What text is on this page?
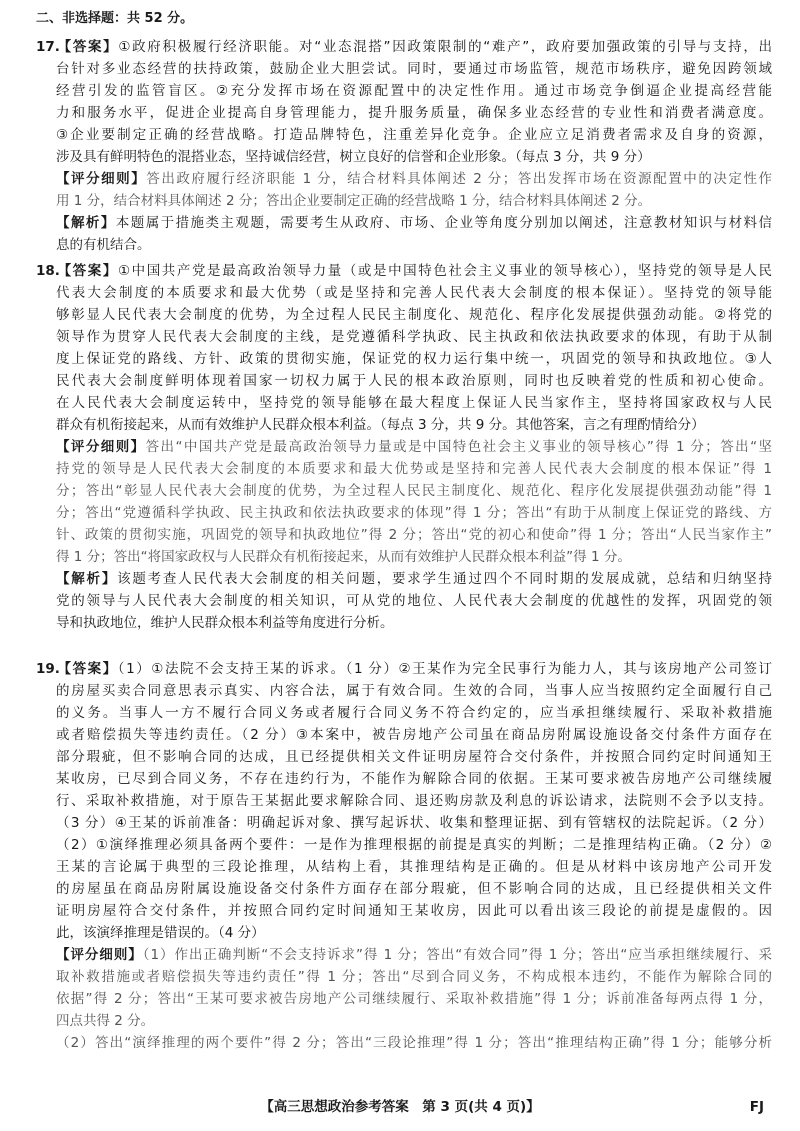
二、非选择题：共 52 分。
17.【答案】①政府积极履行经济职能。对“业态混搭”因政策限制的“难产”，政府要加强政策的引导与支持，出
台针对多业态经营的扶持政策，鼓励企业大胆尝试。同时，要通过市场监管，规范市场秩序，避免因跨领域
经营引发的监管盲区。②充分发挥市场在资源配置中的决定性作用。通过市场竞争倒逼企业提高经营能
力和服务水平，促进企业提高自身管理能力，提升服务质量，确保多业态经营的专业性和消费者满意度。
③企业要制定正确的经营战略。打造品牌特色，注重差异化竞争。企业应立足消费者需求及自身的资源，
涉及具有鲜明特色的混搭业态，坚持诚信经营，树立良好的信誉和企业形象。（每点 3 分，共 9 分）
【评分细则】答出政府履行经济职能 1 分，结合材料具体阐述 2 分；答出发挥市场在资源配置中的决定性作
用 1 分，结合材料具体阐述 2 分；答出企业要制定正确的经营战略 1 分，结合材料具体阐述 2 分。
【解析】本题属于措施类主观题，需要考生从政府、市场、企业等角度分别加以阐述，注意教材知识与材料信
息的有机结合。
18.【答案】①中国共产党是最高政治领导力量（或是中国特色社会主义事业的领导核心），坚持党的领导是人民
代表大会制度的本质要求和最大优势（或是坚持和完善人民代表大会制度的根本保证）。坚持党的领导能
够彰显人民代表大会制度的优势，为全过程人民民主制度化、规范化、程序化发展提供强劲动能。②将党的
领导作为贯穿人民代表大会制度的主线，是党遵循科学执政、民主执政和依法执政要求的体现，有助于从制
度上保证党的路线、方针、政策的贯彻实施，保证党的权力运行集中统一，巩固党的领导和执政地位。③人
民代表大会制度鲜明体现着国家一切权力属于人民的根本政治原则，同时也反映着党的性质和初心使命。
在人民代表大会制度运转中，坚持党的领导能够在最大程度上保证人民当家作主，坚持将国家政权与人民
群众有机衔接起来，从而有效维护人民群众根本利益。（每点 3 分，共 9 分。其他答案，言之有理酌情给分）
【评分细则】答出“中国共产党是最高政治领导力量或是中国特色社会主义事业的领导核心”得 1 分；答出“坚
持党的领导是人民代表大会制度的本质要求和最大优势或是坚持和完善人民代表大会制度的根本保证”得 1
分；答出“彰显人民代表大会制度的优势，为全过程人民民主制度化、规范化、程序化发展提供强劲动能”得 1
分；答出“党遵循科学执政、民主执政和依法执政要求的体现”得 1 分；答出“有助于从制度上保证党的路线、方
针、政策的贯彻实施，巩固党的领导和执政地位”得 2 分；答出“党的初心和使命”得 1 分；答出“人民当家作主”
得 1 分；答出“将国家政权与人民群众有机衔接起来，从而有效维护人民群众根本利益”得 1 分。
【解析】该题考查人民代表大会制度的相关问题，要求学生通过四个不同时期的发展成就，总结和归纳坚持
党的领导与人民代表大会制度的相关知识，可从党的地位、人民代表大会制度的优越性的发挥，巩固党的领
导和执政地位，维护人民群众根本利益等角度进行分析。
19.【答案】（1）①法院不会支持王某的诉求。（1 分）②王某作为完全民事行为能力人，其与该房地产公司签订
的房屋买卖合同意思表示真实、内容合法，属于有效合同。生效的合同，当事人应当按照约定全面履行自己
的义务。当事人一方不履行合同义务或者履行合同义务不符合约定的，应当承担继续履行、采取补救措施
或者赔偿损失等违约责任。（2 分）③本案中，被告房地产公司虽在商品房附属设施设备交付条件方面存在
部分瑕疵，但不影响合同的达成，且已经提供相关文件证明房屋符合交付条件，并按照合同约定时间通知王
某收房，已尽到合同义务，不存在违约行为，不能作为解除合同的依据。王某可要求被告房地产公司继续履
行、采取补救措施，对于原告王某据此要求解除合同、退还购房款及利息的诉讼请求，法院则不会予以支持。
（3 分）④王某的诉前准备：明确起诉对象、撰写起诉状、收集和整理证据、到有管辖权的法院起诉。（2 分）
（2）①演绎推理必须具备两个要件：一是作为推理根据的前提是真实的判断；二是推理结构正确。（2 分）②
王某的言论属于典型的三段论推理，从结构上看，其推理结构是正确的。但是从材料中该房地产公司开发
的房屋虽在商品房附属设施设备交付条件方面存在部分瑕疵，但不影响合同的达成，且已经提供相关文件
证明房屋符合交付条件，并按照合同约定时间通知王某收房，因此可以看出该三段论的前提是虚假的。因
此，该演绎推理是错误的。（4 分）
【评分细则】（1）作出正确判断“不会支持诉求”得 1 分；答出“有效合同”得 1 分；答出“应当承担继续履行、采
取补救措施或者赔偿损失等违约责任”得 1 分；答出“尽到合同义务，不构成根本违约，不能作为解除合同的
依据”得 2 分；答出“王某可要求被告房地产公司继续履行、采取补救措施”得 1 分；诉前准备每两点得 1 分，
四点共得 2 分。
（2）答出“演绎推理的两个要件”得 2 分；答出“三段论推理”得 1 分；答出“推理结构正确”得 1 分；能够分析
【高三思想政治参考答案　第 3 页(共 4 页)】	FJ
